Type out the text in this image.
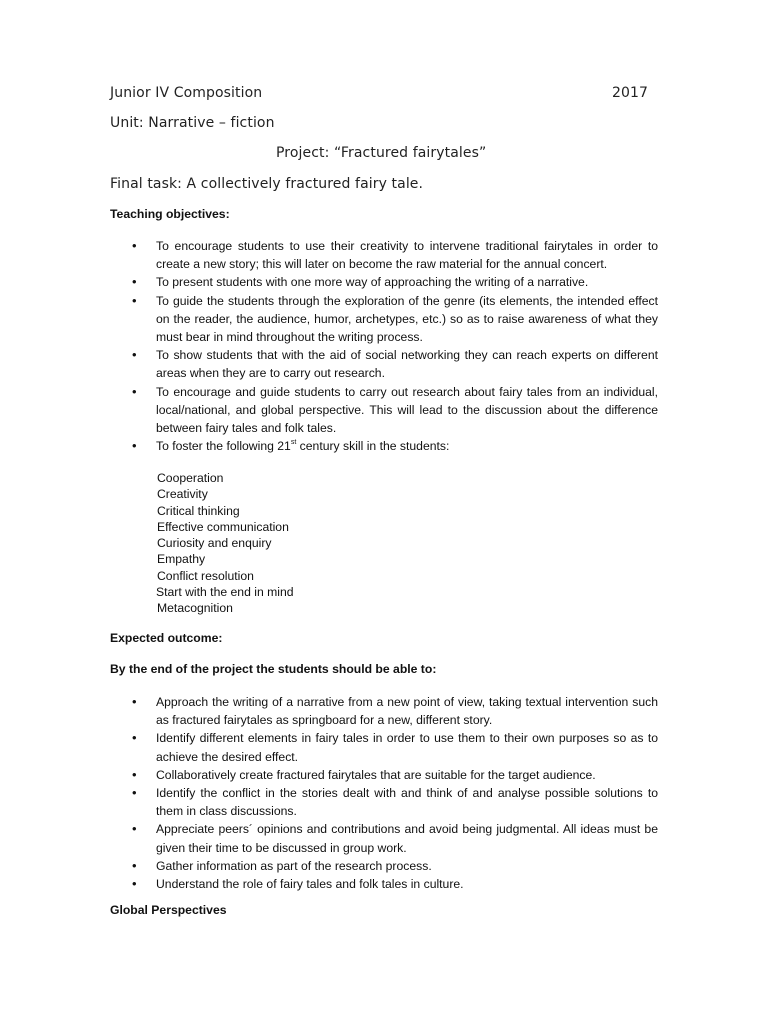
Junior IV Composition	2017
Unit: Narrative – fiction
Project: “Fractured fairytales”
Final task: A collectively fractured fairy tale.
Teaching objectives:
• To encourage students to use their creativity to intervene traditional fairytales in order to create a new story; this will later on become the raw material for the annual concert.
• To present students with one more way of approaching the writing of a narrative.
• To guide the students through the exploration of the genre (its elements, the intended effect on the reader, the audience, humor, archetypes, etc.) so as to raise awareness of what they must bear in mind throughout the writing process.
• To show students that with the aid of social networking they can reach experts on different areas when they are to carry out research.
• To encourage and guide students to carry out research about fairy tales from an individual, local/national, and global perspective. This will lead to the discussion about the difference between fairy tales and folk tales.
• To foster the following 21st century skill in the students:
Cooperation
Creativity
Critical thinking
Effective communication
Curiosity and enquiry
Empathy
Conflict resolution
Start with the end in mind
Metacognition
Expected outcome:
By the end of the project the students should be able to:
• Approach the writing of a narrative from a new point of view, taking textual intervention such as fractured fairytales as springboard for a new, different story.
• Identify different elements in fairy tales in order to use them to their own purposes so as to achieve the desired effect.
• Collaboratively create fractured fairytales that are suitable for the target audience.
• Identify the conflict in the stories dealt with and think of and analyse possible solutions to them in class discussions.
• Appreciate peers´ opinions and contributions and avoid being judgmental. All ideas must be given their time to be discussed in group work.
• Gather information as part of the research process.
• Understand the role of fairy tales and folk tales in culture.
Global Perspectives
